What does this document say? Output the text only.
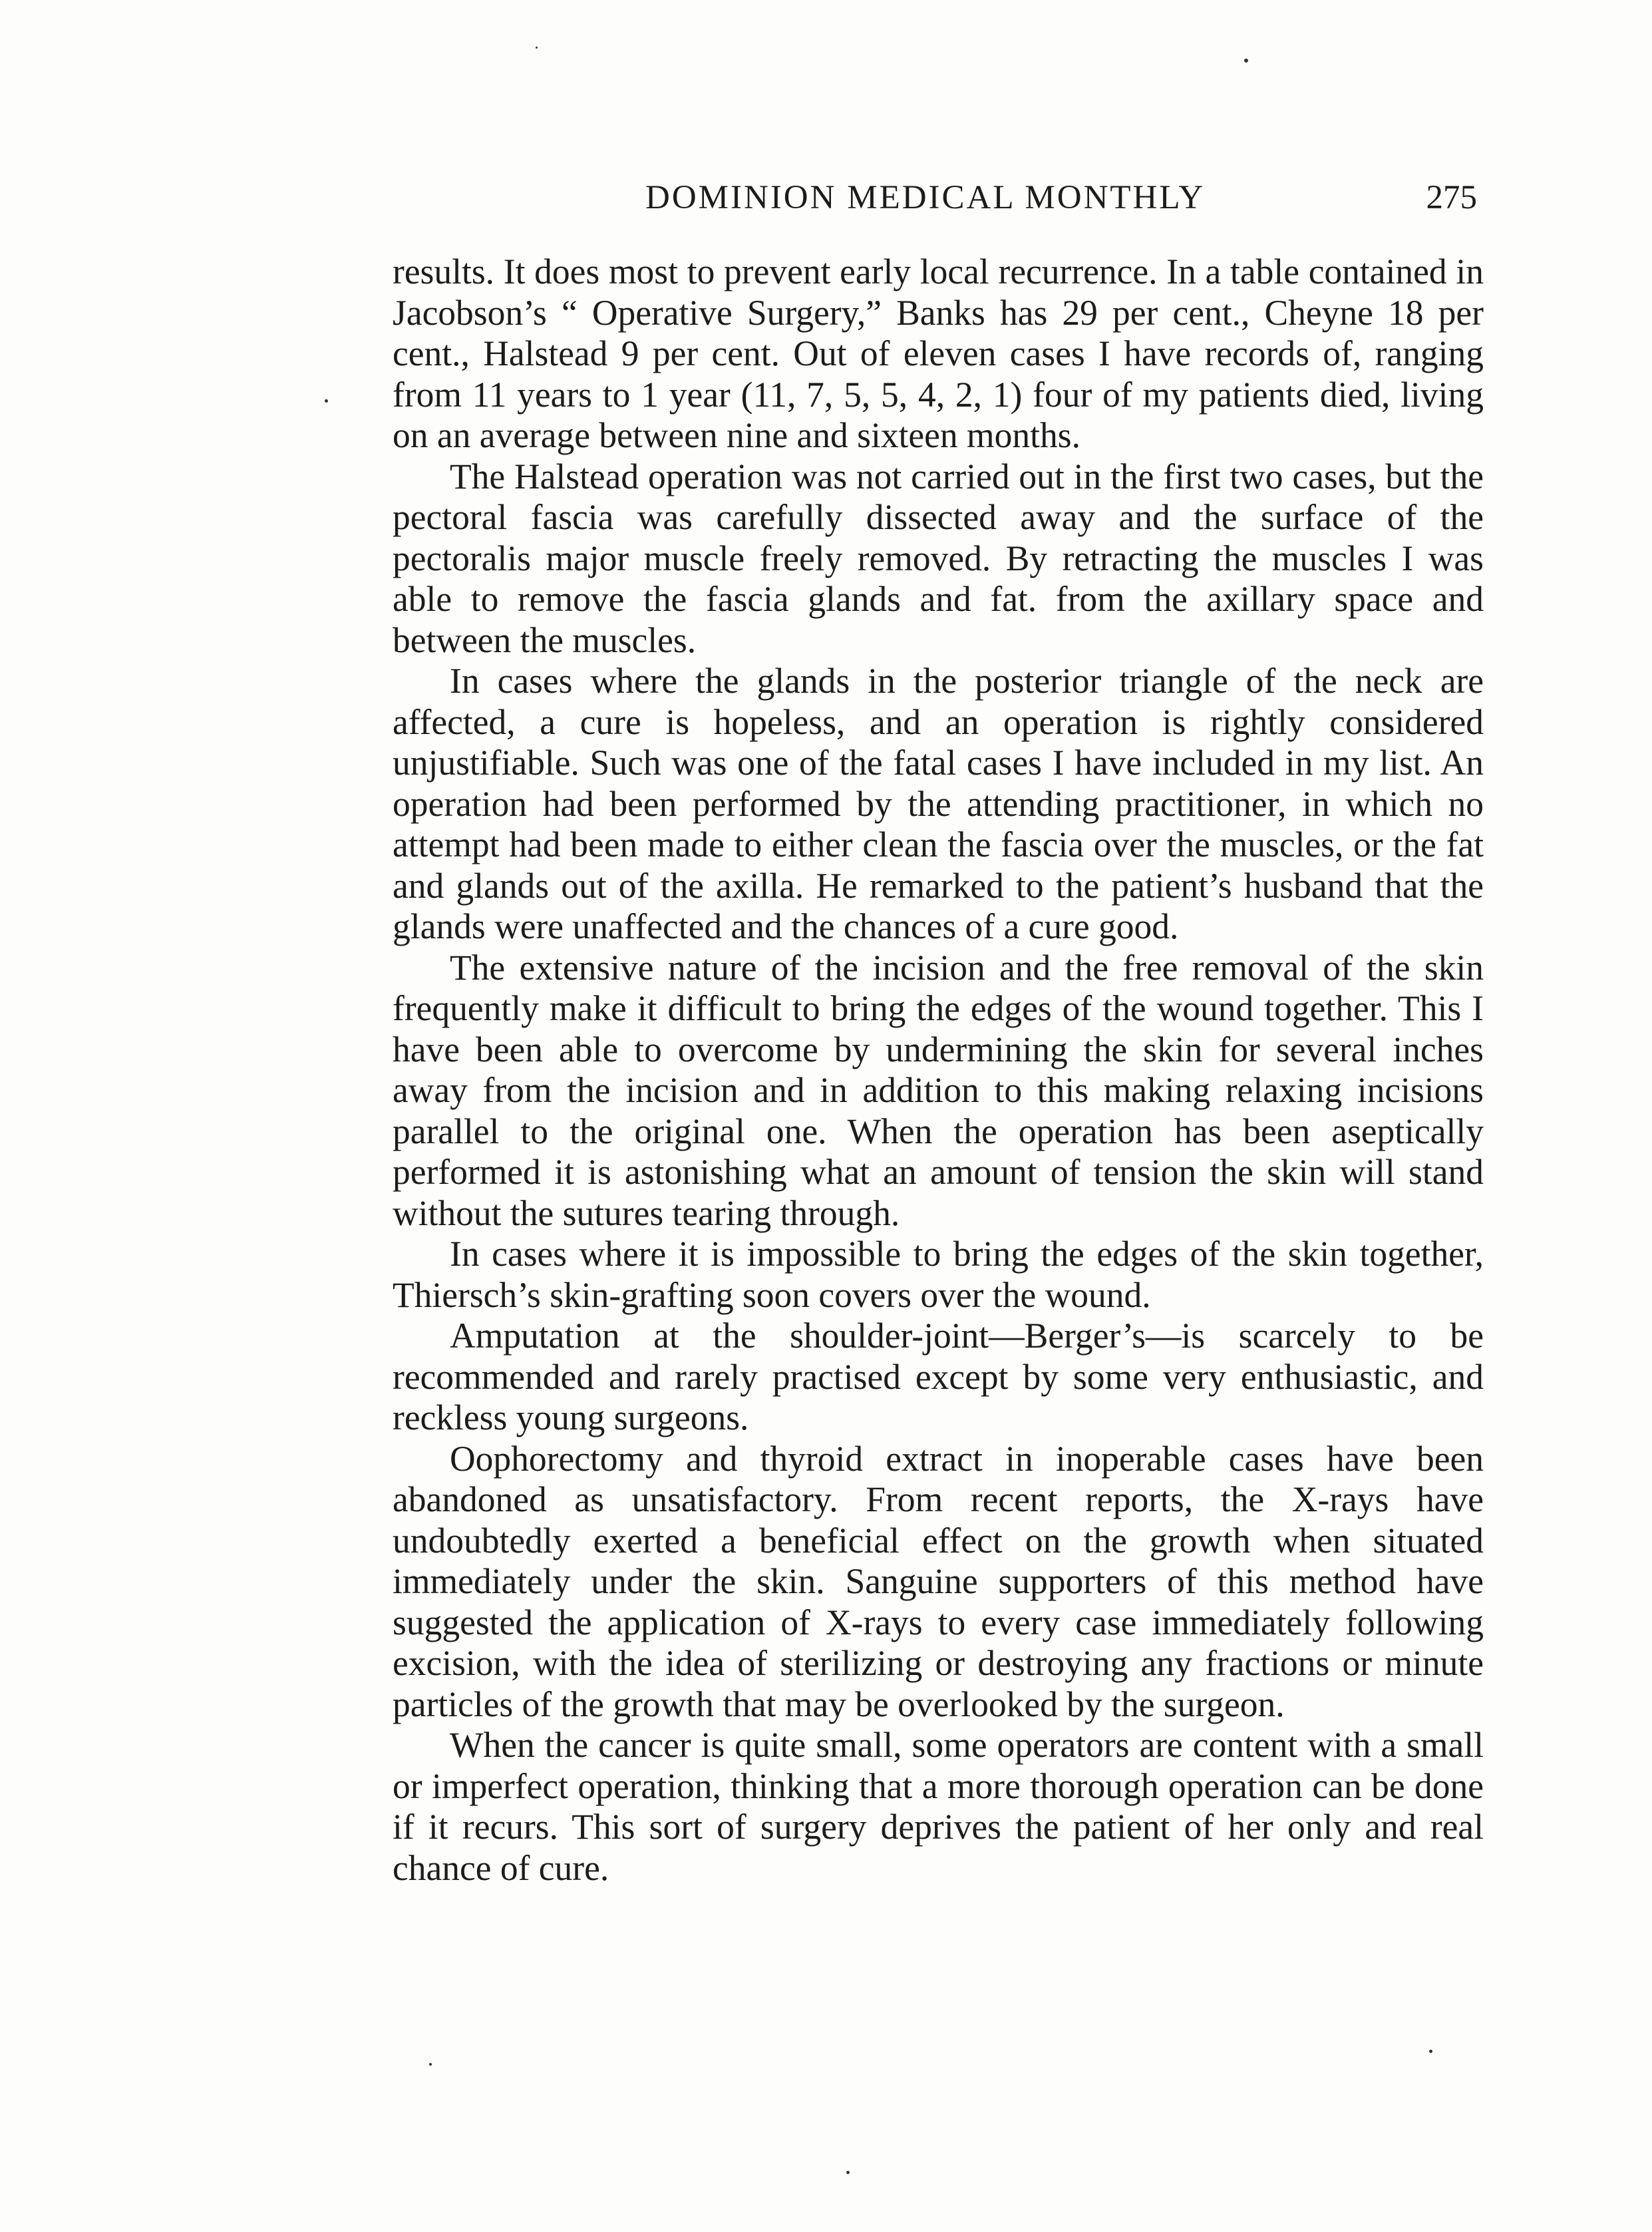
DOMINION MEDICAL MONTHLY	275

results. It does most to prevent early local recurrence. In a table contained in Jacobson’s “ Operative Surgery,” Banks has 29 per cent., Cheyne 18 per cent., Halstead 9 per cent. Out of eleven cases I have records of, ranging from 11 years to 1 year (11, 7, 5, 5, 4, 2, 1) four of my patients died, living on an average between nine and sixteen months.

The Halstead operation was not carried out in the first two cases, but the pectoral fascia was carefully dissected away and the surface of the pectoralis major muscle freely removed. By retracting the muscles I was able to remove the fascia glands and fat. from the axillary space and between the muscles.

In cases where the glands in the posterior triangle of the neck are affected, a cure is hopeless, and an operation is rightly considered unjustifiable. Such was one of the fatal cases I have included in my list. An operation had been performed by the attending practitioner, in which no attempt had been made to either clean the fascia over the muscles, or the fat and glands out of the axilla. He remarked to the patient’s husband that the glands were unaffected and the chances of a cure good.

The extensive nature of the incision and the free removal of the skin frequently make it difficult to bring the edges of the wound together. This I have been able to overcome by undermining the skin for several inches away from the incision and in addition to this making relaxing incisions parallel to the original one. When the operation has been aseptically performed it is astonishing what an amount of tension the skin will stand without the sutures tearing through.

In cases where it is impossible to bring the edges of the skin together, Thiersch’s skin-grafting soon covers over the wound.

Amputation at the shoulder-joint—Berger’s—is scarcely to be recommended and rarely practised except by some very enthusiastic, and reckless young surgeons.

Oophorectomy and thyroid extract in inoperable cases have been abandoned as unsatisfactory. From recent reports, the X-rays have undoubtedly exerted a beneficial effect on the growth when situated immediately under the skin. Sanguine supporters of this method have suggested the application of X-rays to every case immediately following excision, with the idea of sterilizing or destroying any fractions or minute particles of the growth that may be overlooked by the surgeon.

When the cancer is quite small, some operators are content with a small or imperfect operation, thinking that a more thorough operation can be done if it recurs. This sort of surgery deprives the patient of her only and real chance of cure.
